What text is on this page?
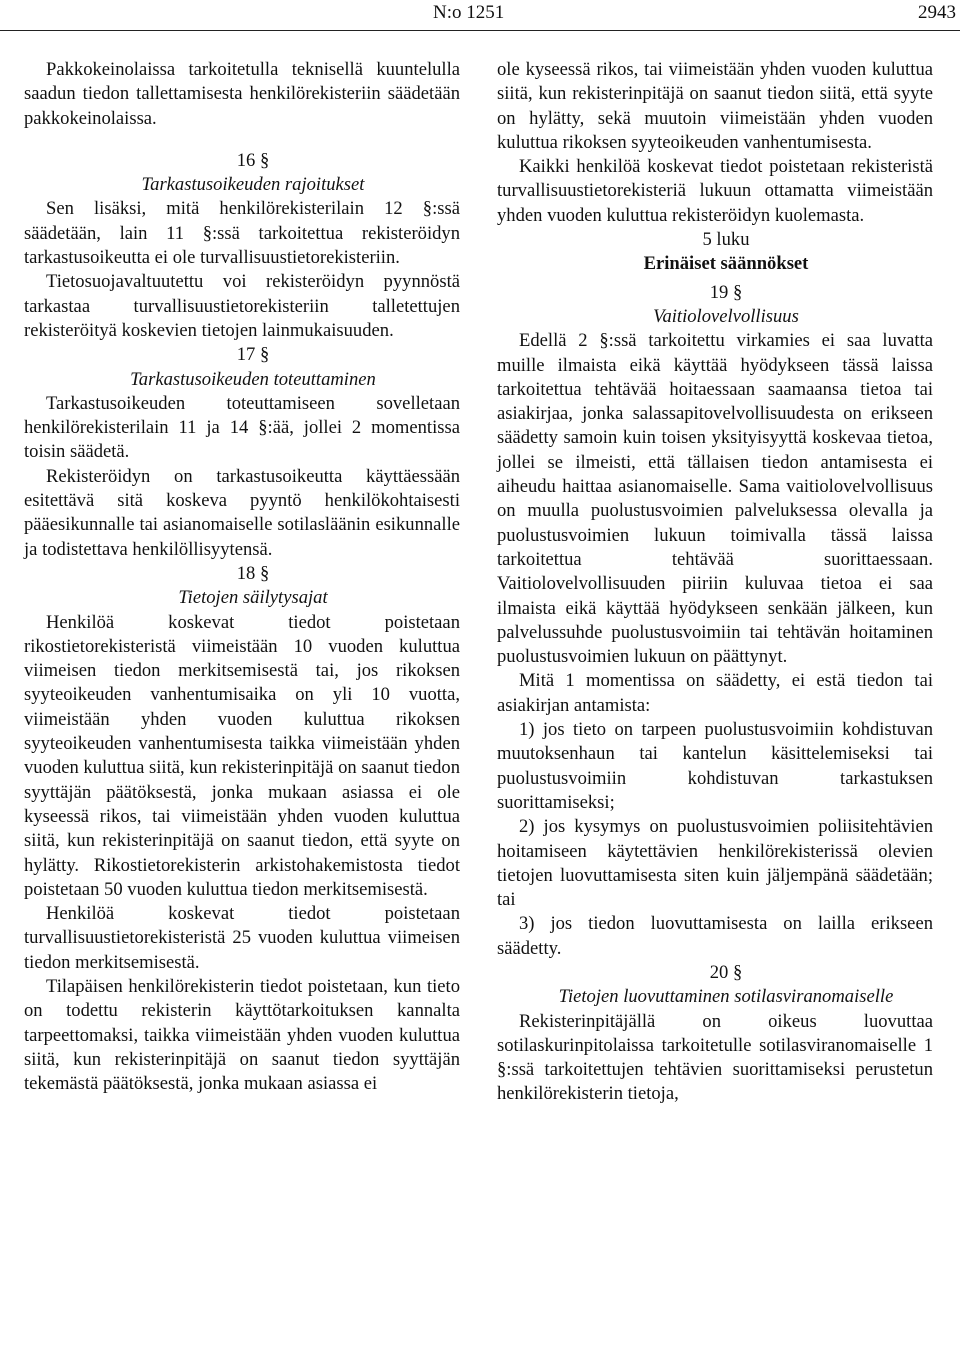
N:o 1251	2943

Pakkokeinolaissa tarkoitetulla teknisellä kuuntelulla saadun tiedon tallettamisesta henkilörekisteriin säädetään pakkokeinolaissa.

16 §

Tarkastusoikeuden rajoitukset

Sen lisäksi, mitä henkilörekisterilain 12 §:ssä säädetään, lain 11 §:ssä tarkoitettua rekisteröidyn tarkastusoikeutta ei ole turvallisuustietorekisteriin.

Tietosuojavaltuutettu voi rekisteröidyn pyynnöstä tarkastaa turvallisuustietorekisteriin talletettujen rekisteröityä koskevien tietojen lainmukaisuuden.

17 §

Tarkastusoikeuden toteuttaminen

Tarkastusoikeuden toteuttamiseen sovelletaan henkilörekisterilain 11 ja 14 §:ää, jollei 2 momentissa toisin säädetä.

Rekisteröidyn on tarkastusoikeutta käyttäessään esitettävä sitä koskeva pyyntö henkilökohtaisesti pääesikunnalle tai asianomaiselle sotilasläänin esikunnalle ja todistettava henkilöllisyytensä.

18 §

Tietojen säilytysajat

Henkilöä koskevat tiedot poistetaan rikostietorekisteristä viimeistään 10 vuoden kuluttua viimeisen tiedon merkitsemisestä tai, jos rikoksen syyteoikeuden vanhentumisaika on yli 10 vuotta, viimeistään yhden vuoden kuluttua rikoksen syyteoikeuden vanhentumisesta taikka viimeistään yhden vuoden kuluttua siitä, kun rekisterinpitäjä on saanut tiedon syyttäjän päätöksestä, jonka mukaan asiassa ei ole kyseessä rikos, tai viimeistään yhden vuoden kuluttua siitä, kun rekisterinpitäjä on saanut tiedon, että syyte on hylätty. Rikostietorekisterin arkistohakemistosta tiedot poistetaan 50 vuoden kuluttua tiedon merkitsemisestä.

Henkilöä koskevat tiedot poistetaan turvallisuustietorekisteristä 25 vuoden kuluttua viimeisen tiedon merkitsemisestä.

Tilapäisen henkilörekisterin tiedot poistetaan, kun tieto on todettu rekisterin käyttötarkoituksen kannalta tarpeettomaksi, taikka viimeistään yhden vuoden kuluttua siitä, kun rekisterinpitäjä on saanut tiedon syyttäjän tekemästä päätöksestä, jonka mukaan asiassa ei

ole kyseessä rikos, tai viimeistään yhden vuoden kuluttua siitä, kun rekisterinpitäjä on saanut tiedon siitä, että syyte on hylätty, sekä muutoin viimeistään yhden vuoden kuluttua rikoksen syyteoikeuden vanhentumisesta.

Kaikki henkilöä koskevat tiedot poistetaan rekisteristä turvallisuustietorekisteriä lukuun ottamatta viimeistään yhden vuoden kuluttua rekisteröidyn kuolemasta.

5 luku

Erinäiset säännökset

19 §

Vaitiolovelvollisuus

Edellä 2 §:ssä tarkoitettu virkamies ei saa luvatta muille ilmaista eikä käyttää hyödykseen tässä laissa tarkoitettua tehtävää hoitaessaan saamaansa tietoa tai asiakirjaa, jonka salassapitovelvollisuudesta on erikseen säädetty samoin kuin toisen yksityisyyttä koskevaa tietoa, jollei se ilmeisti, että tällaisen tiedon antamisesta ei aiheudu haittaa asianomaiselle. Sama vaitiolovelvollisuus on muulla puolustusvoimien palveluksessa olevalla ja puolustusvoimien lukuun toimivalla tässä laissa tarkoitettua tehtävää suorittaessaan. Vaitiolovelvollisuuden piiriin kuluvaa tietoa ei saa ilmaista eikä käyttää hyödykseen senkään jälkeen, kun palvelussuhde puolustusvoimiin tai tehtävän hoitaminen puolustusvoimien lukuun on päättynyt.

Mitä 1 momentissa on säädetty, ei estä tiedon tai asiakirjan antamista:

1) jos tieto on tarpeen puolustusvoimiin kohdistuvan muutoksenhaun tai kantelun käsittelemiseksi tai puolustusvoimiin kohdistuvan tarkastuksen suorittamiseksi;

2) jos kysymys on puolustusvoimien poliisitehtävien hoitamiseen käytettävien henkilörekisterissä olevien tietojen luovuttamisesta siten kuin jäljempänä säädetään; tai

3) jos tiedon luovuttamisesta on lailla erikseen säädetty.

20 §

Tietojen luovuttaminen sotilasviranomaiselle

Rekisterinpitäjällä on oikeus luovuttaa sotilaskurinpitolaissa tarkoitetulle sotilasviranomaiselle 1 §:ssä tarkoitettujen tehtävien suorittamiseksi perustetun henkilörekisterin tietoja,
